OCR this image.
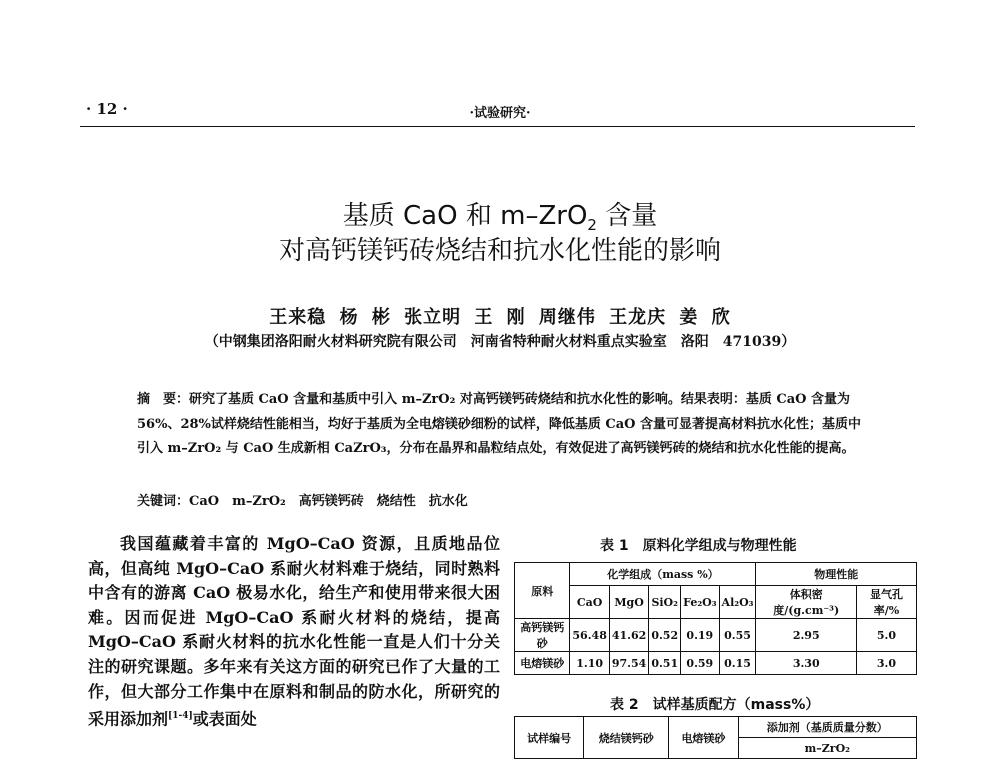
· 12 ·	·试验研究·
基质 CaO 和 m–ZrO$_2$ 含量
对高钙镁钙砖烧结和抗水化性能的影响
王来稳 杨 彬 张立明 王 刚 周继伟 王龙庆 姜 欣
（中钢集团洛阳耐火材料研究院有限公司　河南省特种耐火材料重点实验室　洛阳　471039）
摘　要：研究了基质 CaO 含量和基质中引入 m–ZrO₂ 对高钙镁钙砖烧结和抗水化性的影响。结果表明：基质 CaO 含量为 56%、28%试样烧结性能相当，均好于基质为全电熔镁砂细粉的试样，降低基质 CaO 含量可显著提高材料抗水化性；基质中引入 m–ZrO₂ 与 CaO 生成新相 CaZrO₃，分布在晶界和晶粒结点处，有效促进了高钙镁钙砖的烧结和抗水化性能的提高。
关键词：CaO　m–ZrO₂　高钙镁钙砖　烧结性　抗水化

我国蕴藏着丰富的 MgO–CaO 资源，且质地品位高，但高纯 MgO–CaO 系耐火材料难于烧结，同时熟料中含有的游离 CaO 极易水化，给生产和使用带来很大困难。因而促进 MgO–CaO 系耐火材料的烧结，提高 MgO–CaO 系耐火材料的抗水化性能一直是人们十分关注的研究课题。多年来有关这方面的研究已作了大量的工作，但大部分工作集中在原料和制品的防水化，所研究的采用添加剂[1-4]或表面处

表 1　原料化学组成与物理性能
原料	化学组成（mass %）					物理性能	
	CaO	MgO	SiO₂	Fe₂O₃	Al₂O₃	体积密度/(g.cm⁻³)	显气孔率/%
高钙镁钙砂	56.48	41.62	0.52	0.19	0.55	2.95	5.0
电熔镁砂	1.10	97.54	0.51	0.59	0.15	3.30	3.0
表 2　试样基质配方（mass%）
试样编号	烧结镁钙砂	电熔镁砂	添加剂（基质质量分数）
m–ZrO₂
